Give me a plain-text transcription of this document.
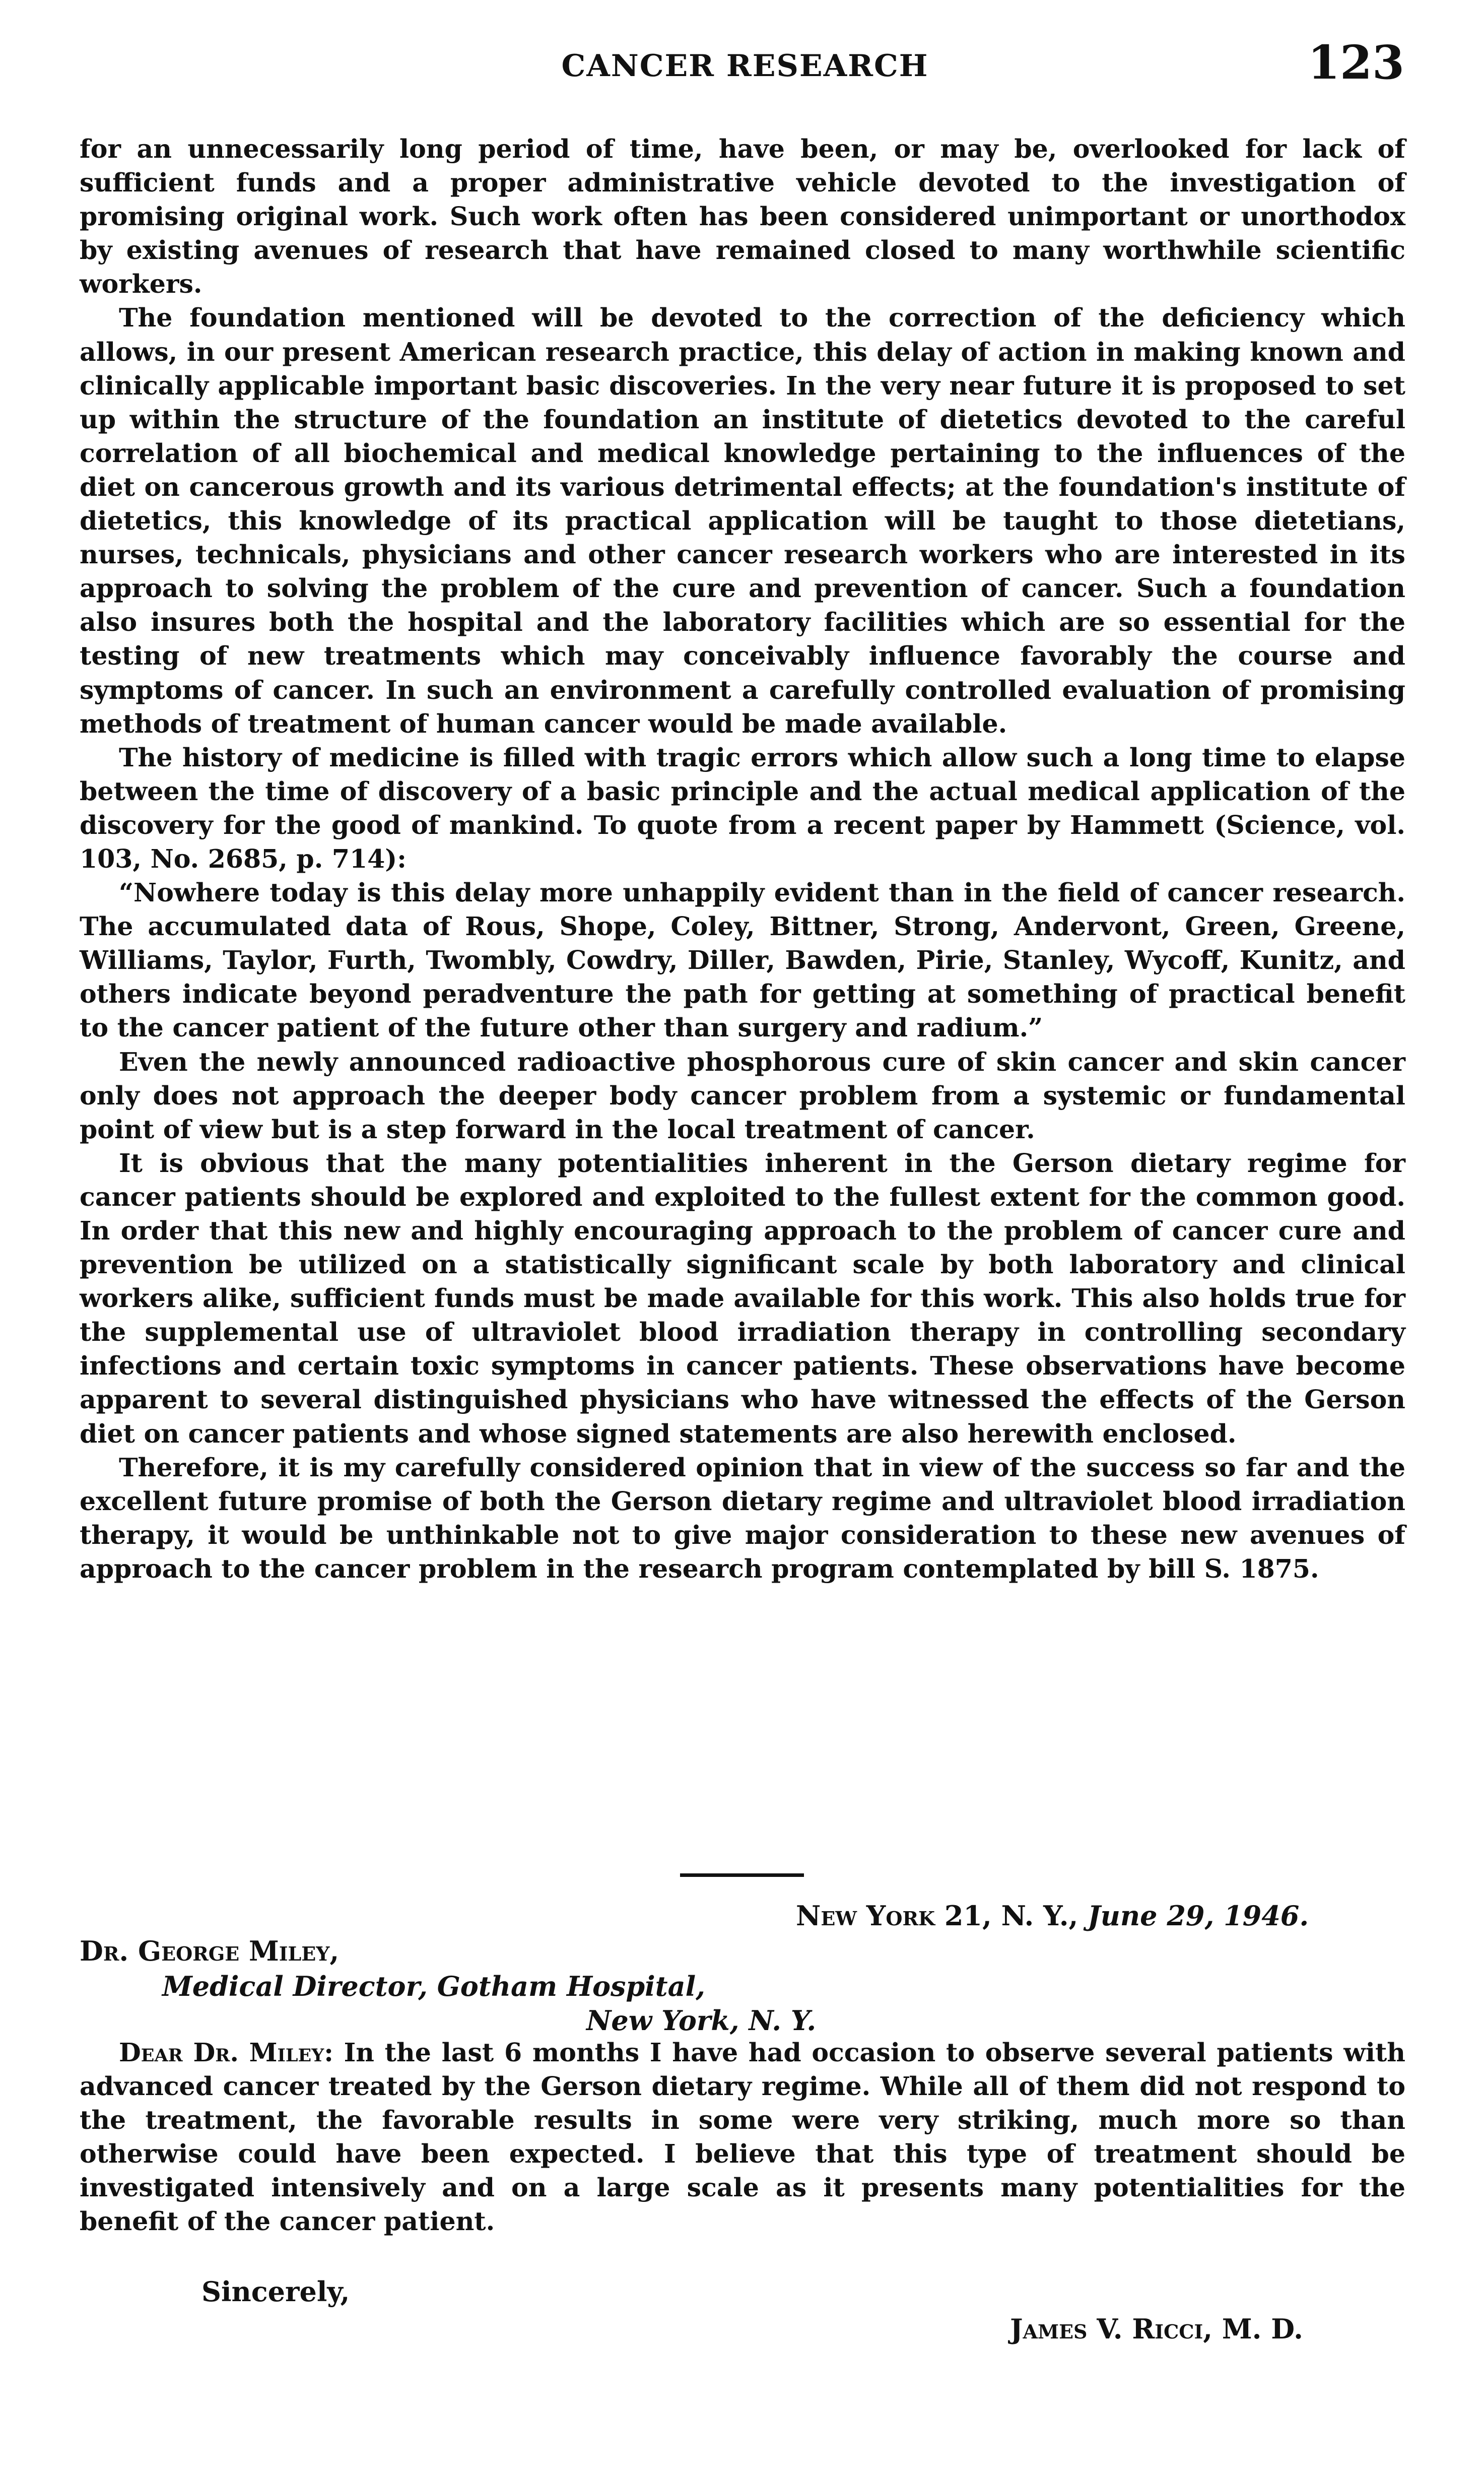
CANCER RESEARCH	123

for an unnecessarily long period of time, have been, or may be, overlooked for lack of sufficient funds and a proper administrative vehicle devoted to the investigation of promising original work. Such work often has been considered unimportant or unorthodox by existing avenues of research that have remained closed to many worthwhile scientific workers.

The foundation mentioned will be devoted to the correction of the deficiency which allows, in our present American research practice, this delay of action in making known and clinically applicable important basic discoveries. In the very near future it is proposed to set up within the structure of the foundation an institute of dietetics devoted to the careful correlation of all biochemical and medical knowledge pertaining to the influences of the diet on cancerous growth and its various detrimental effects; at the foundation's institute of dietetics, this knowledge of its practical application will be taught to those dietetians, nurses, technicals, physicians and other cancer research workers who are interested in its approach to solving the problem of the cure and prevention of cancer. Such a foundation also insures both the hospital and the laboratory facilities which are so essential for the testing of new treatments which may conceivably influence favorably the course and symptoms of cancer. In such an environment a carefully controlled evaluation of promising methods of treatment of human cancer would be made available.

The history of medicine is filled with tragic errors which allow such a long time to elapse between the time of discovery of a basic principle and the actual medical application of the discovery for the good of mankind. To quote from a recent paper by Hammett (Science, vol. 103, No. 2685, p. 714):

“Nowhere today is this delay more unhappily evident than in the field of cancer research. The accumulated data of Rous, Shope, Coley, Bittner, Strong, Andervont, Green, Greene, Williams, Taylor, Furth, Twombly, Cowdry, Diller, Bawden, Pirie, Stanley, Wycoff, Kunitz, and others indicate beyond peradventure the path for getting at something of practical benefit to the cancer patient of the future other than surgery and radium.”

Even the newly announced radioactive phosphorous cure of skin cancer and skin cancer only does not approach the deeper body cancer problem from a systemic or fundamental point of view but is a step forward in the local treatment of cancer.

It is obvious that the many potentialities inherent in the Gerson dietary regime for cancer patients should be explored and exploited to the fullest extent for the common good. In order that this new and highly encouraging approach to the problem of cancer cure and prevention be utilized on a statistically significant scale by both laboratory and clinical workers alike, sufficient funds must be made available for this work. This also holds true for the supplemental use of ultraviolet blood irradiation therapy in controlling secondary infections and certain toxic symptoms in cancer patients. These observations have become apparent to several distinguished physicians who have witnessed the effects of the Gerson diet on cancer patients and whose signed statements are also herewith enclosed.

Therefore, it is my carefully considered opinion that in view of the success so far and the excellent future promise of both the Gerson dietary regime and ultraviolet blood irradiation therapy, it would be unthinkable not to give major consideration to these new avenues of approach to the cancer problem in the research program contemplated by bill S. 1875.

New York 21, N. Y., June 29, 1946.
Dr. George Miley,
Medical Director, Gotham Hospital,
New York, N. Y.
Dear Dr. Miley: In the last 6 months I have had occasion to observe several patients with advanced cancer treated by the Gerson dietary regime. While all of them did not respond to the treatment, the favorable results in some were very striking, much more so than otherwise could have been expected. I believe that this type of treatment should be investigated intensively and on a large scale as it presents many potentialities for the benefit of the cancer patient.
Sincerely,
James V. Ricci, M. D.
